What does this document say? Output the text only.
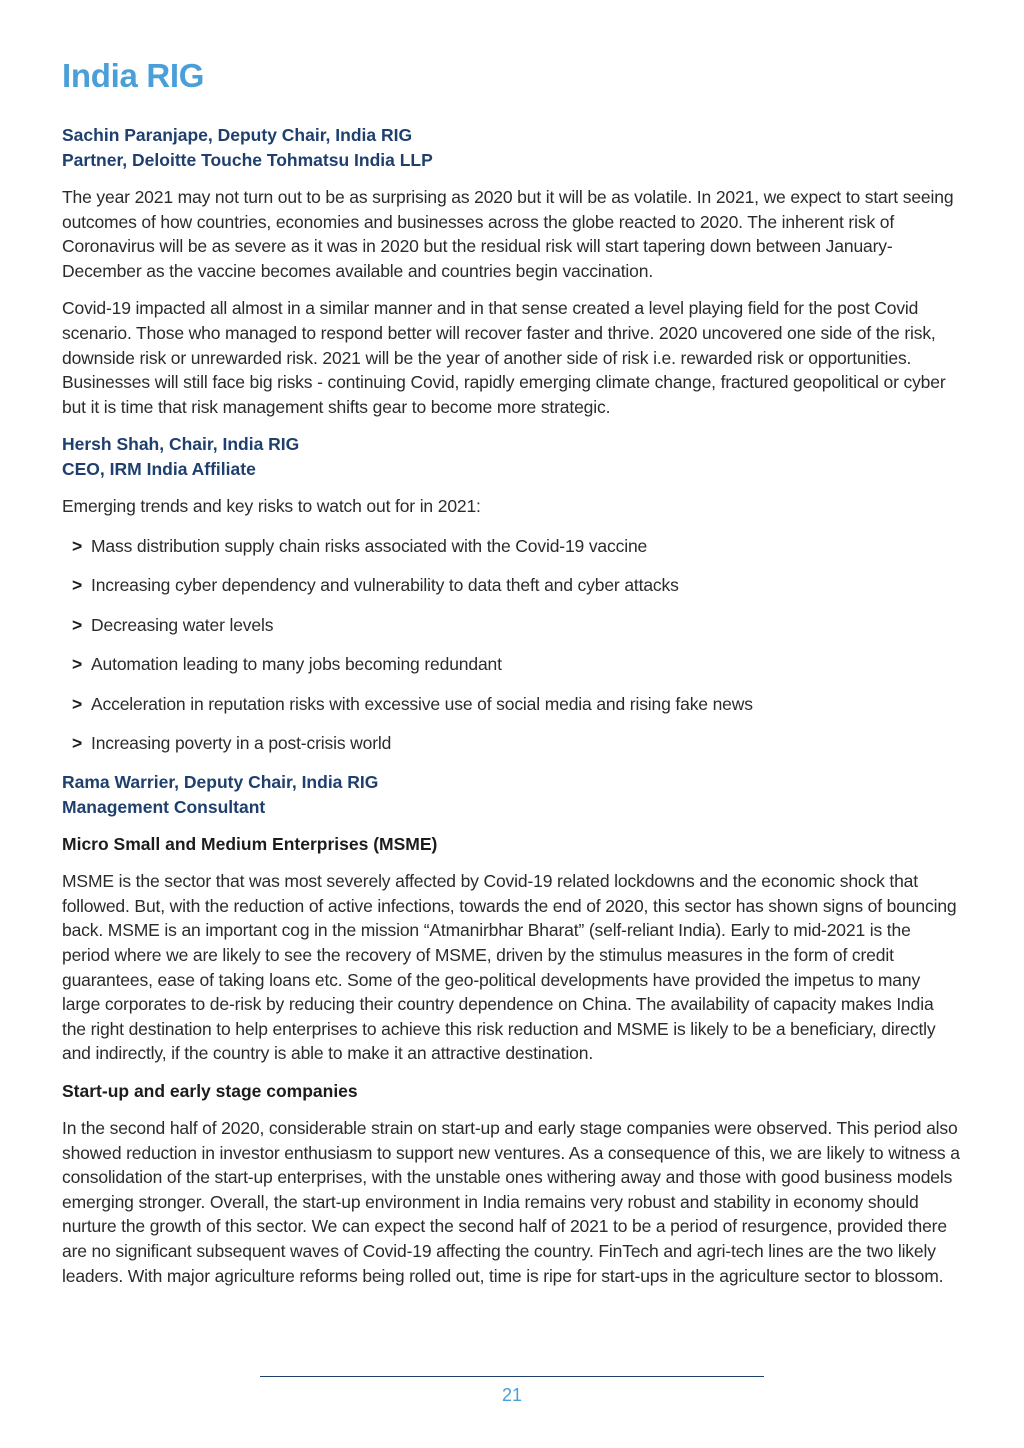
India RIG
Sachin Paranjape, Deputy Chair, India RIG
Partner, Deloitte Touche Tohmatsu India LLP

The year 2021 may not turn out to be as surprising as 2020 but it will be as volatile. In 2021, we expect to start seeing outcomes of how countries, economies and businesses across the globe reacted to 2020. The inherent risk of Coronavirus will be as severe as it was in 2020 but the residual risk will start tapering down between January-December as the vaccine becomes available and countries begin vaccination.

Covid-19 impacted all almost in a similar manner and in that sense created a level playing field for the post Covid scenario. Those who managed to respond better will recover faster and thrive. 2020 uncovered one side of the risk, downside risk or unrewarded risk. 2021 will be the year of another side of risk i.e. rewarded risk or opportunities. Businesses will still face big risks - continuing Covid, rapidly emerging climate change, fractured geopolitical or cyber but it is time that risk management shifts gear to become more strategic.

Hersh Shah, Chair, India RIG
CEO, IRM India Affiliate

Emerging trends and key risks to watch out for in 2021:

> Mass distribution supply chain risks associated with the Covid-19 vaccine
> Increasing cyber dependency and vulnerability to data theft and cyber attacks
> Decreasing water levels
> Automation leading to many jobs becoming redundant
> Acceleration in reputation risks with excessive use of social media and rising fake news
> Increasing poverty in a post-crisis world
Rama Warrier, Deputy Chair, India RIG
Management Consultant
Micro Small and Medium Enterprises (MSME)

MSME is the sector that was most severely affected by Covid-19 related lockdowns and the economic shock that followed. But, with the reduction of active infections, towards the end of 2020, this sector has shown signs of bouncing back. MSME is an important cog in the mission “Atmanirbhar Bharat” (self-reliant India). Early to mid-2021 is the period where we are likely to see the recovery of MSME, driven by the stimulus measures in the form of credit guarantees, ease of taking loans etc. Some of the geo-political developments have provided the impetus to many large corporates to de-risk by reducing their country dependence on China. The availability of capacity makes India the right destination to help enterprises to achieve this risk reduction and MSME is likely to be a beneficiary, directly and indirectly, if the country is able to make it an attractive destination.

Start-up and early stage companies

In the second half of 2020, considerable strain on start-up and early stage companies were observed. This period also showed reduction in investor enthusiasm to support new ventures. As a consequence of this, we are likely to witness a consolidation of the start-up enterprises, with the unstable ones withering away and those with good business models emerging stronger. Overall, the start-up environment in India remains very robust and stability in economy should nurture the growth of this sector. We can expect the second half of 2021 to be a period of resurgence, provided there are no significant subsequent waves of Covid-19 affecting the country. FinTech and agri-tech lines are the two likely leaders. With major agriculture reforms being rolled out, time is ripe for start-ups in the agriculture sector to blossom.

21
